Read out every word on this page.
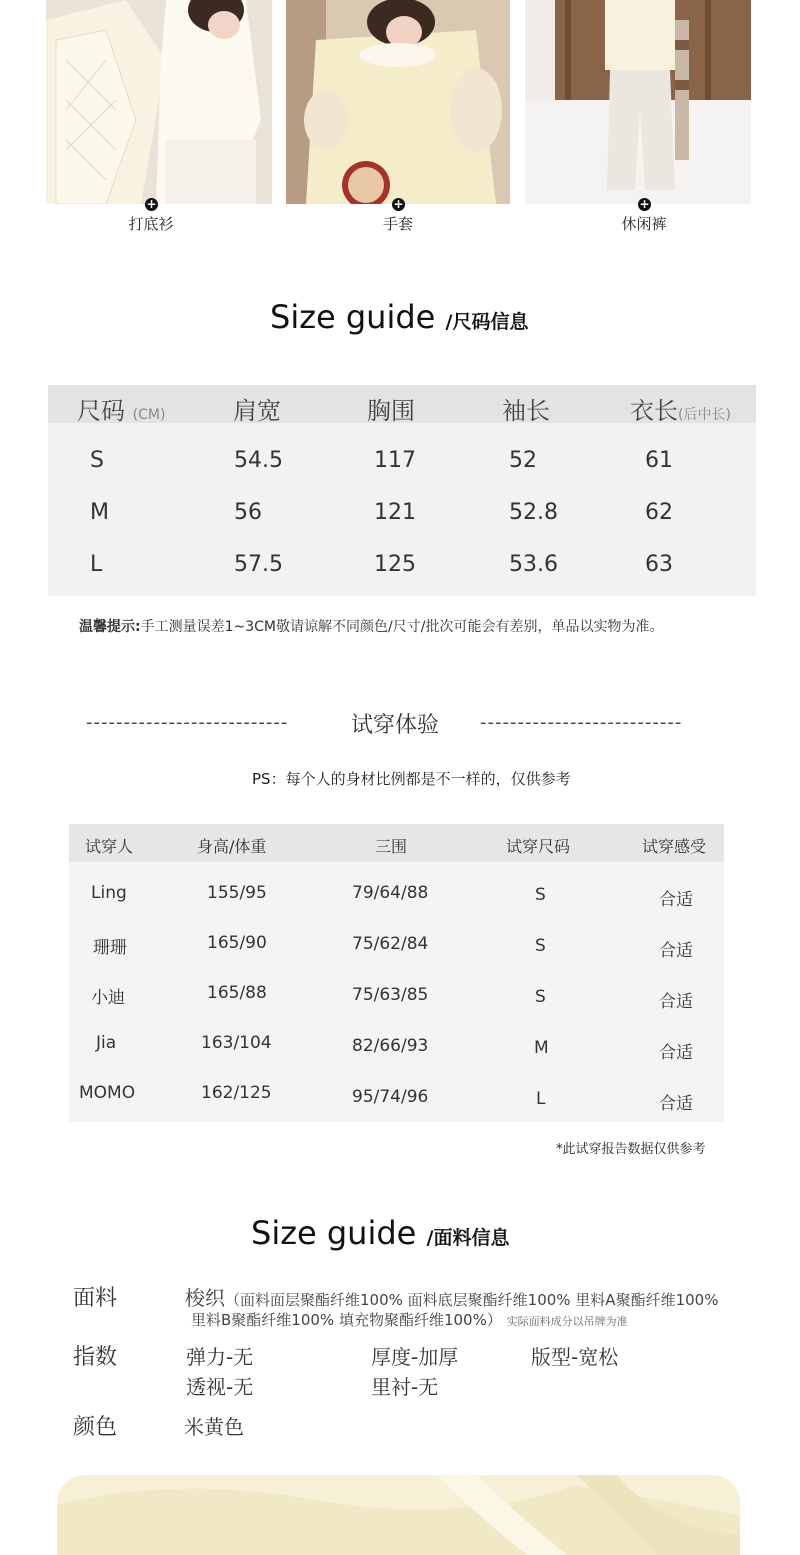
+
打底衫
+
手套
+
休闲裤
Size guide /尺码信息
尺码 (CM)	肩宽	胸围	袖长	衣长(后中长)
S	54.5	117	52	61
M	56	121	52.8	62
L	57.5	125	53.6	63
温馨提示:手工测量误差1~3CM敬请谅解不同颜色/尺寸/批次可能会有差别，单品以实物为准。
---------------------------	试穿体验 ---------------------------
PS：每个人的身材比例都是不一样的，仅供参考
试穿人	身高/体重	三围	试穿尺码	试穿感受
Ling	155/95	79/64/88	S	合适
珊珊	165/90	75/62/84	S	合适
小迪	165/88	75/63/85	S	合适
Jia	163/104	82/66/93	M	合适
MOMO	162/125	95/74/96	L	合适
*此试穿报告数据仅供参考
Size guide /面料信息
面料	梭织（面料面层聚酯纤维100% 面料底层聚酯纤维100% 里料A聚酯纤维100%
里料B聚酯纤维100% 填充物聚酯纤维100%） 实际面料成分以吊牌为准
指数	弹力-无	厚度-加厚	版型-宽松
透视-无	里衬-无
颜色	米黄色
